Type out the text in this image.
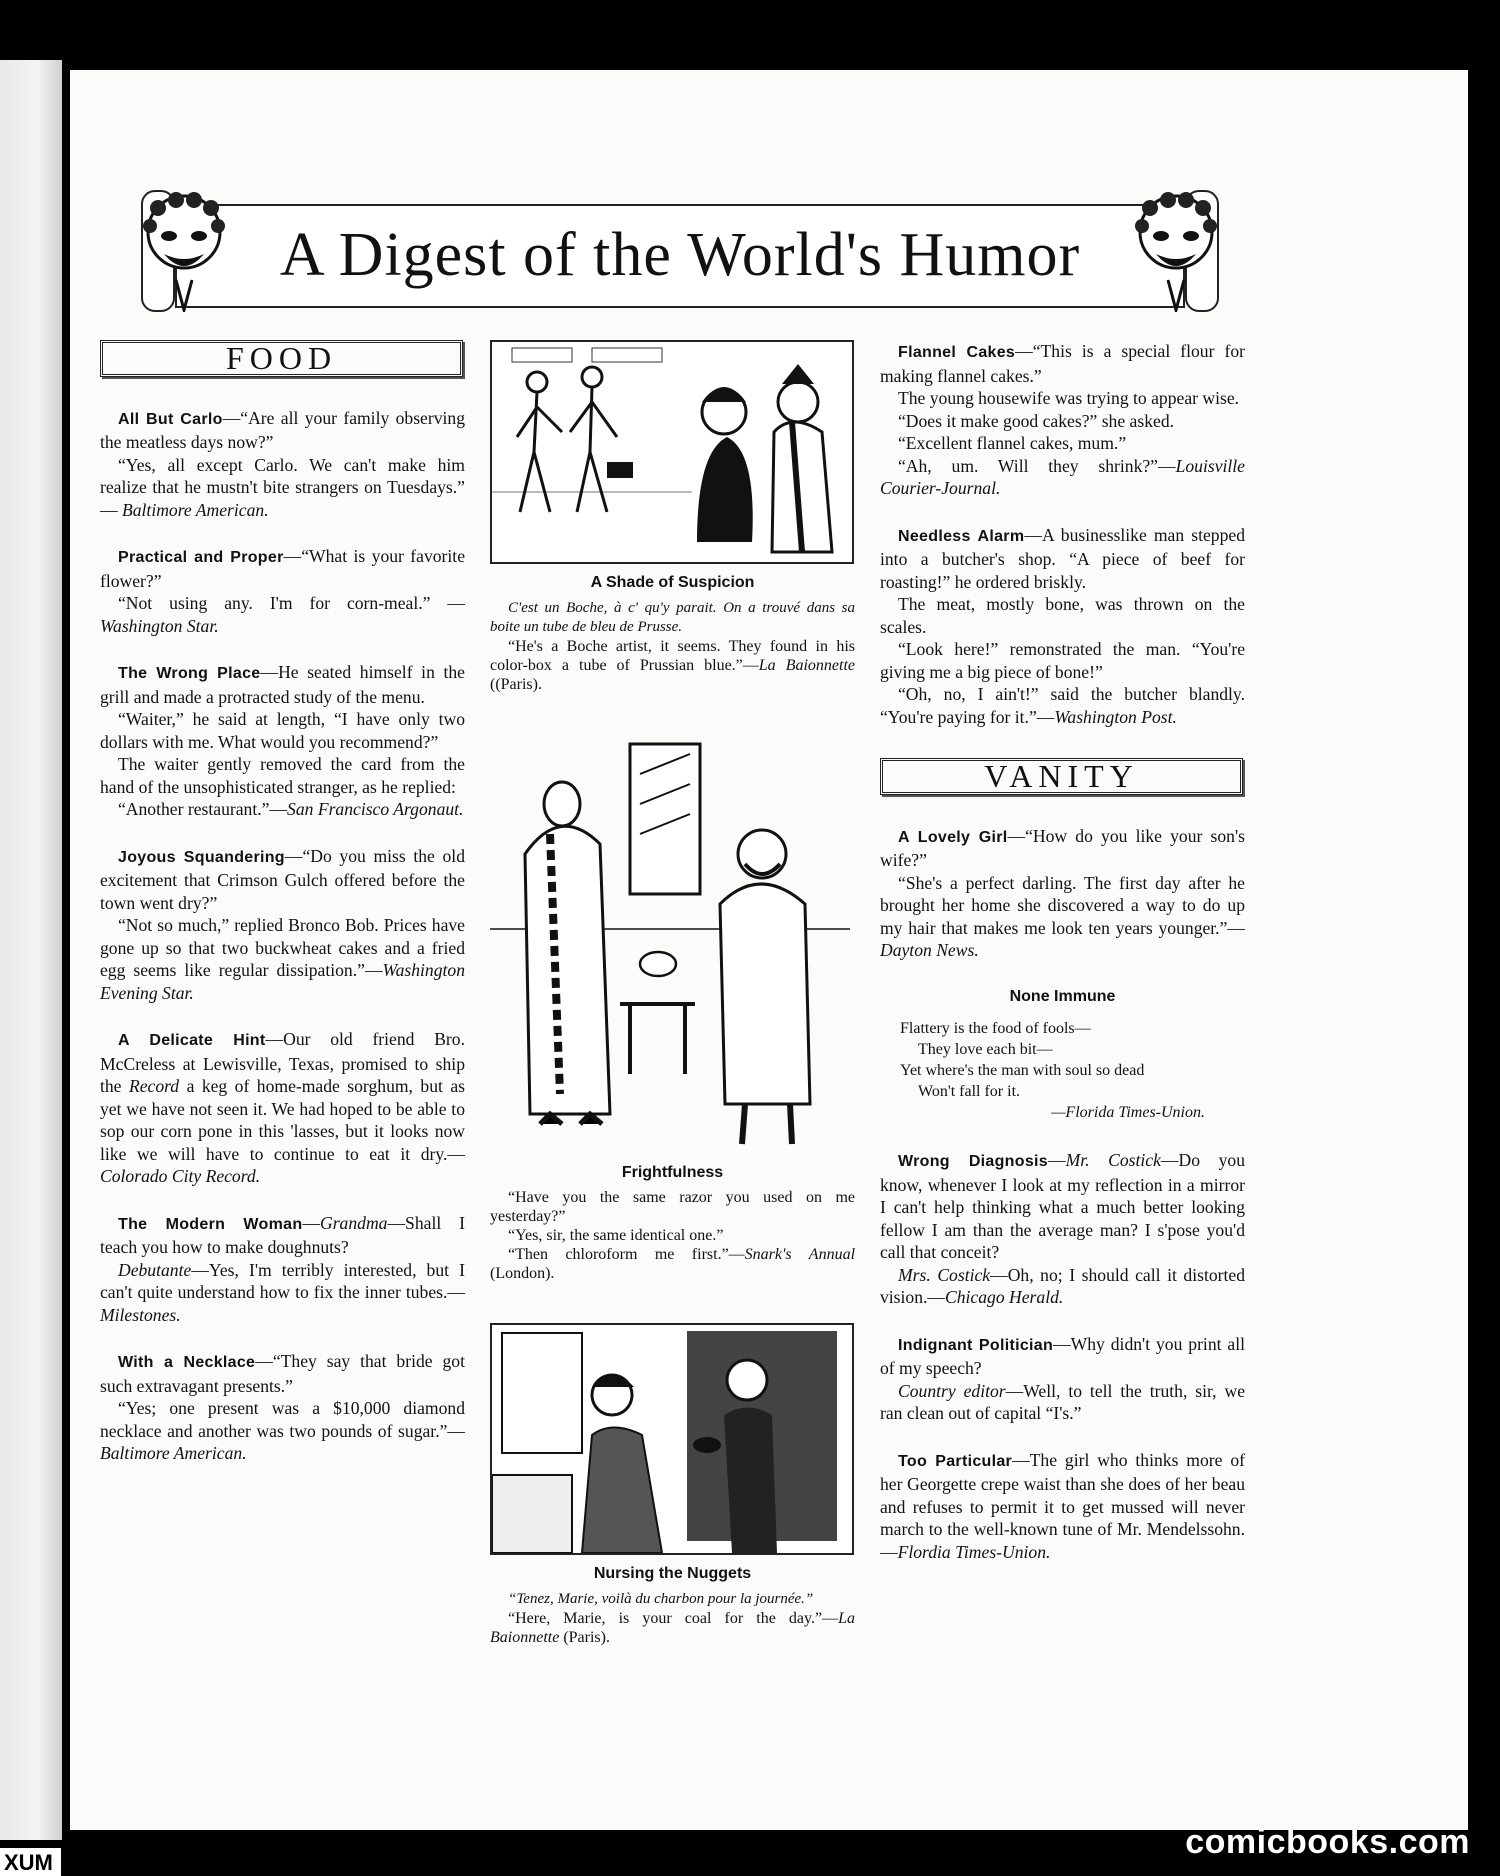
A Digest of the World's Humor
FOOD

All But Carlo—“Are all your family observing the meatless days now?”

“Yes, all except Carlo. We can't make him realize that he mustn't bite strangers on Tuesdays.” — Baltimore American.

Practical and Proper—“What is your favorite flower?”

“Not using any. I'm for corn-meal.” —Washington Star.

The Wrong Place—He seated himself in the grill and made a protracted study of the menu.

“Waiter,” he said at length, “I have only two dollars with me. What would you recommend?”

The waiter gently removed the card from the hand of the unsophisticated stranger, as he replied:

“Another restaurant.”—San Francisco Argonaut.

Joyous Squandering—“Do you miss the old excitement that Crimson Gulch offered before the town went dry?”

“Not so much,” replied Bronco Bob. Prices have gone up so that two buckwheat cakes and a fried egg seems like regular dissipation.”—Washington Evening Star.

A Delicate Hint—Our old friend Bro. McCreless at Lewisville, Texas, promised to ship the Record a keg of home-made sorghum, but as yet we have not seen it. We had hoped to be able to sop our corn pone in this 'lasses, but it looks now like we will have to continue to eat it dry.—Colorado City Record.

The Modern Woman—Grandma—Shall I teach you how to make doughnuts?

Debutante—Yes, I'm terribly interested, but I can't quite understand how to fix the inner tubes.—Milestones.

With a Necklace—“They say that bride got such extravagant presents.”

“Yes; one present was a $10,000 diamond necklace and another was two pounds of sugar.”—Baltimore American.

A Shade of Suspicion

C'est un Boche, à c' qu'y parait. On a trouvé dans sa boite un tube de bleu de Prusse.

“He's a Boche artist, it seems. They found in his color-box a tube of Prussian blue.”—La Baionnette ((Paris).

Frightfulness

“Have you the same razor you used on me yesterday?”

“Yes, sir, the same identical one.”

“Then chloroform me first.”—Snark's Annual (London).

Nursing the Nuggets

“Tenez, Marie, voilà du charbon pour la journée.”

“Here, Marie, is your coal for the day.”—La Baionnette (Paris).

Flannel Cakes—“This is a special flour for making flannel cakes.”

The young housewife was trying to appear wise.

“Does it make good cakes?” she asked.

“Excellent flannel cakes, mum.”

“Ah, um. Will they shrink?”—Louisville Courier-Journal.

Needless Alarm—A businesslike man stepped into a butcher's shop. “A piece of beef for roasting!” he ordered briskly.

The meat, mostly bone, was thrown on the scales.

“Look here!” remonstrated the man. “You're giving me a big piece of bone!”

“Oh, no, I ain't!” said the butcher blandly. “You're paying for it.”—Washington Post.

VANITY

A Lovely Girl—“How do you like your son's wife?”

“She's a perfect darling. The first day after he brought her home she discovered a way to do up my hair that makes me look ten years younger.”—Dayton News.

None Immune
Flattery is the food of fools—
They love each bit—
Yet where's the man with soul so dead
Won't fall for it.
—Florida Times-Union.

Wrong Diagnosis—Mr. Costick—Do you know, whenever I look at my reflection in a mirror I can't help thinking what a much better looking fellow I am than the average man? I s'pose you'd call that conceit?

Mrs. Costick—Oh, no; I should call it distorted vision.—Chicago Herald.

Indignant Politician—Why didn't you print all of my speech?

Country editor—Well, to tell the truth, sir, we ran clean out of capital “I's.”

Too Particular—The girl who thinks more of her Georgette crepe waist than she does of her beau and refuses to permit it to get mussed will never march to the well-known tune of Mr. Mendelssohn.—Flordia Times-Union.

XUM
comicbooks.com
